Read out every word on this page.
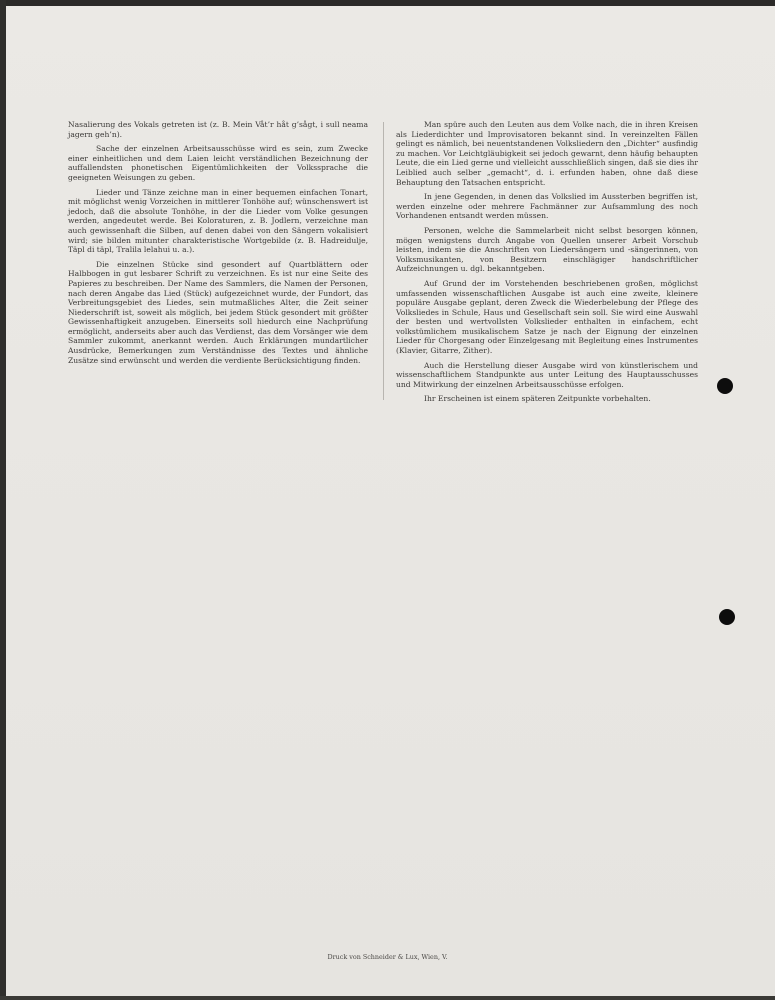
Nasalierung des Vokals getreten ist (z. B. Mein Våt’r håt g’sågt, i sull neama jagern geh’n).

Sache der einzelnen Arbeitsausschüsse wird es sein, zum Zwecke einer einheitlichen und dem Laien leicht verständlichen Bezeichnung der auffallendsten phonetischen Eigentümlichkeiten der Volkssprache die geeigneten Weisungen zu geben.

Lieder und Tänze zeichne man in einer bequemen einfachen Tonart, mit möglichst wenig Vorzeichen in mittlerer Tonhöhe auf; wünschenswert ist jedoch, daß die absolute Tonhöhe, in der die Lieder vom Volke gesungen werden, angedeutet werde. Bei Koloraturen, z. B. Jodlern, verzeichne man auch gewissenhaft die Silben, auf denen dabei von den Sängern vokalisiert wird; sie bilden mitunter charakteristische Wortgebilde (z. B. Hadreidulje, Täpl di täpl, Tralila lelahui u. a.).

Die einzelnen Stücke sind gesondert auf Quartblättern oder Halbbogen in gut lesbarer Schrift zu verzeichnen. Es ist nur eine Seite des Papieres zu beschreiben. Der Name des Sammlers, die Namen der Personen, nach deren Angabe das Lied (Stück) aufgezeichnet wurde, der Fundort, das Verbreitungsgebiet des Liedes, sein mutmaßliches Alter, die Zeit seiner Niederschrift ist, soweit als möglich, bei jedem Stück gesondert mit größter Gewissenhaftigkeit anzugeben. Einerseits soll hiedurch eine Nachprüfung ermöglicht, anderseits aber auch das Verdienst, das dem Vorsänger wie dem Sammler zukommt, anerkannt werden. Auch Erklärungen mundartlicher Ausdrücke, Bemerkungen zum Verständnisse des Textes und ähnliche Zusätze sind erwünscht und werden die verdiente Berücksichtigung finden.

Man spüre auch den Leuten aus dem Volke nach, die in ihren Kreisen als Liederdichter und Improvisatoren bekannt sind. In vereinzelten Fällen gelingt es nämlich, bei neuentstandenen Volksliedern den „Dichter“ ausfindig zu machen. Vor Leichtgläubigkeit sei jedoch gewarnt, denn häufig behaupten Leute, die ein Lied gerne und vielleicht ausschließlich singen, daß sie dies ihr Leiblied auch selber „gemacht“, d. i. erfunden haben, ohne daß diese Behauptung den Tatsachen entspricht.

In jene Gegenden, in denen das Volkslied im Aussterben begriffen ist, werden einzelne oder mehrere Fachmänner zur Aufsammlung des noch Vorhandenen entsandt werden müssen.

Personen, welche die Sammelarbeit nicht selbst besorgen können, mögen wenigstens durch Angabe von Quellen unserer Arbeit Vorschub leisten, indem sie die Anschriften von Liedersängern und -sängerinnen, von Volksmusikanten, von Besitzern einschlägiger handschriftlicher Aufzeichnungen u. dgl. bekanntgeben.

Auf Grund der im Vorstehenden beschriebenen großen, möglichst umfassenden wissenschaftlichen Ausgabe ist auch eine zweite, kleinere populäre Ausgabe geplant, deren Zweck die Wiederbelebung der Pflege des Volksliedes in Schule, Haus und Gesellschaft sein soll. Sie wird eine Auswahl der besten und wertvollsten Volkslieder enthalten in einfachem, echt volkstümlichem musikalischem Satze je nach der Eignung der einzelnen Lieder für Chorgesang oder Einzelgesang mit Begleitung eines Instrumentes (Klavier, Gitarre, Zither).

Auch die Herstellung dieser Ausgabe wird von künstlerischem und wissenschaftlichem Standpunkte aus unter Leitung des Hauptausschusses und Mitwirkung der einzelnen Arbeitsausschüsse erfolgen.

Ihr Erscheinen ist einem späteren Zeitpunkte vorbehalten.

Druck von Schneider & Lux, Wien, V.
